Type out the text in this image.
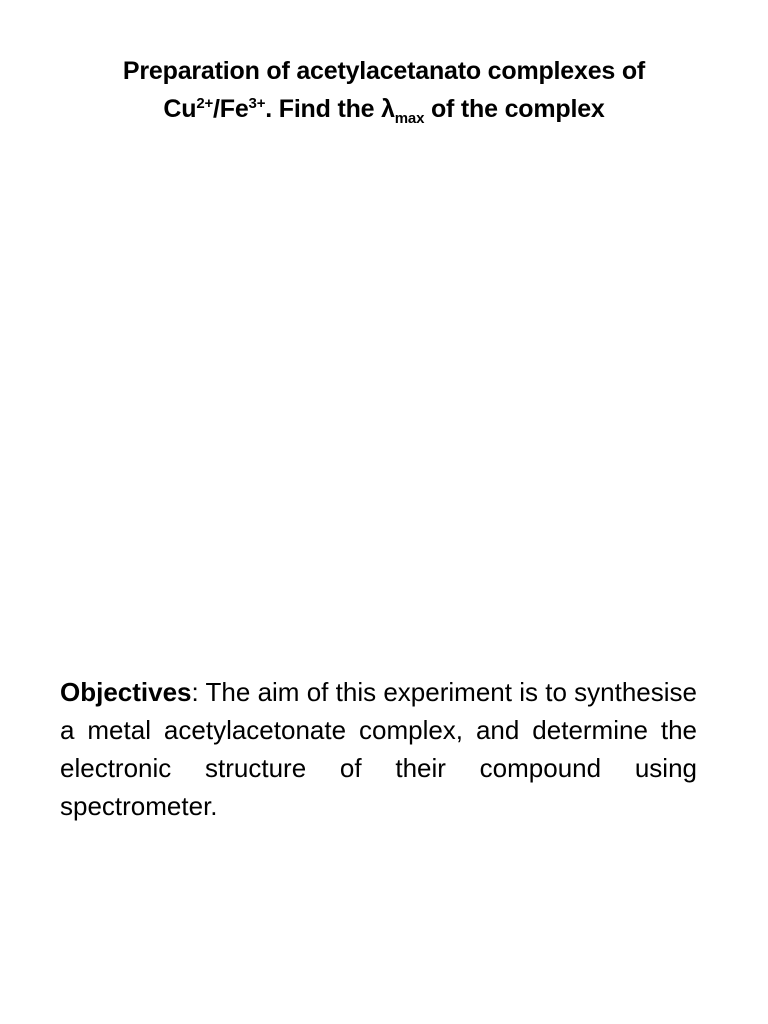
Preparation of acetylacetanato complexes of
$Cu^{2+}/Fe^{3+}$. Find the $\lambda_{max}$ of the complex
Objectives: The aim of this experiment is to synthesise a metal acetylacetonate complex, and determine the electronic structure of their compound using spectrometer.
